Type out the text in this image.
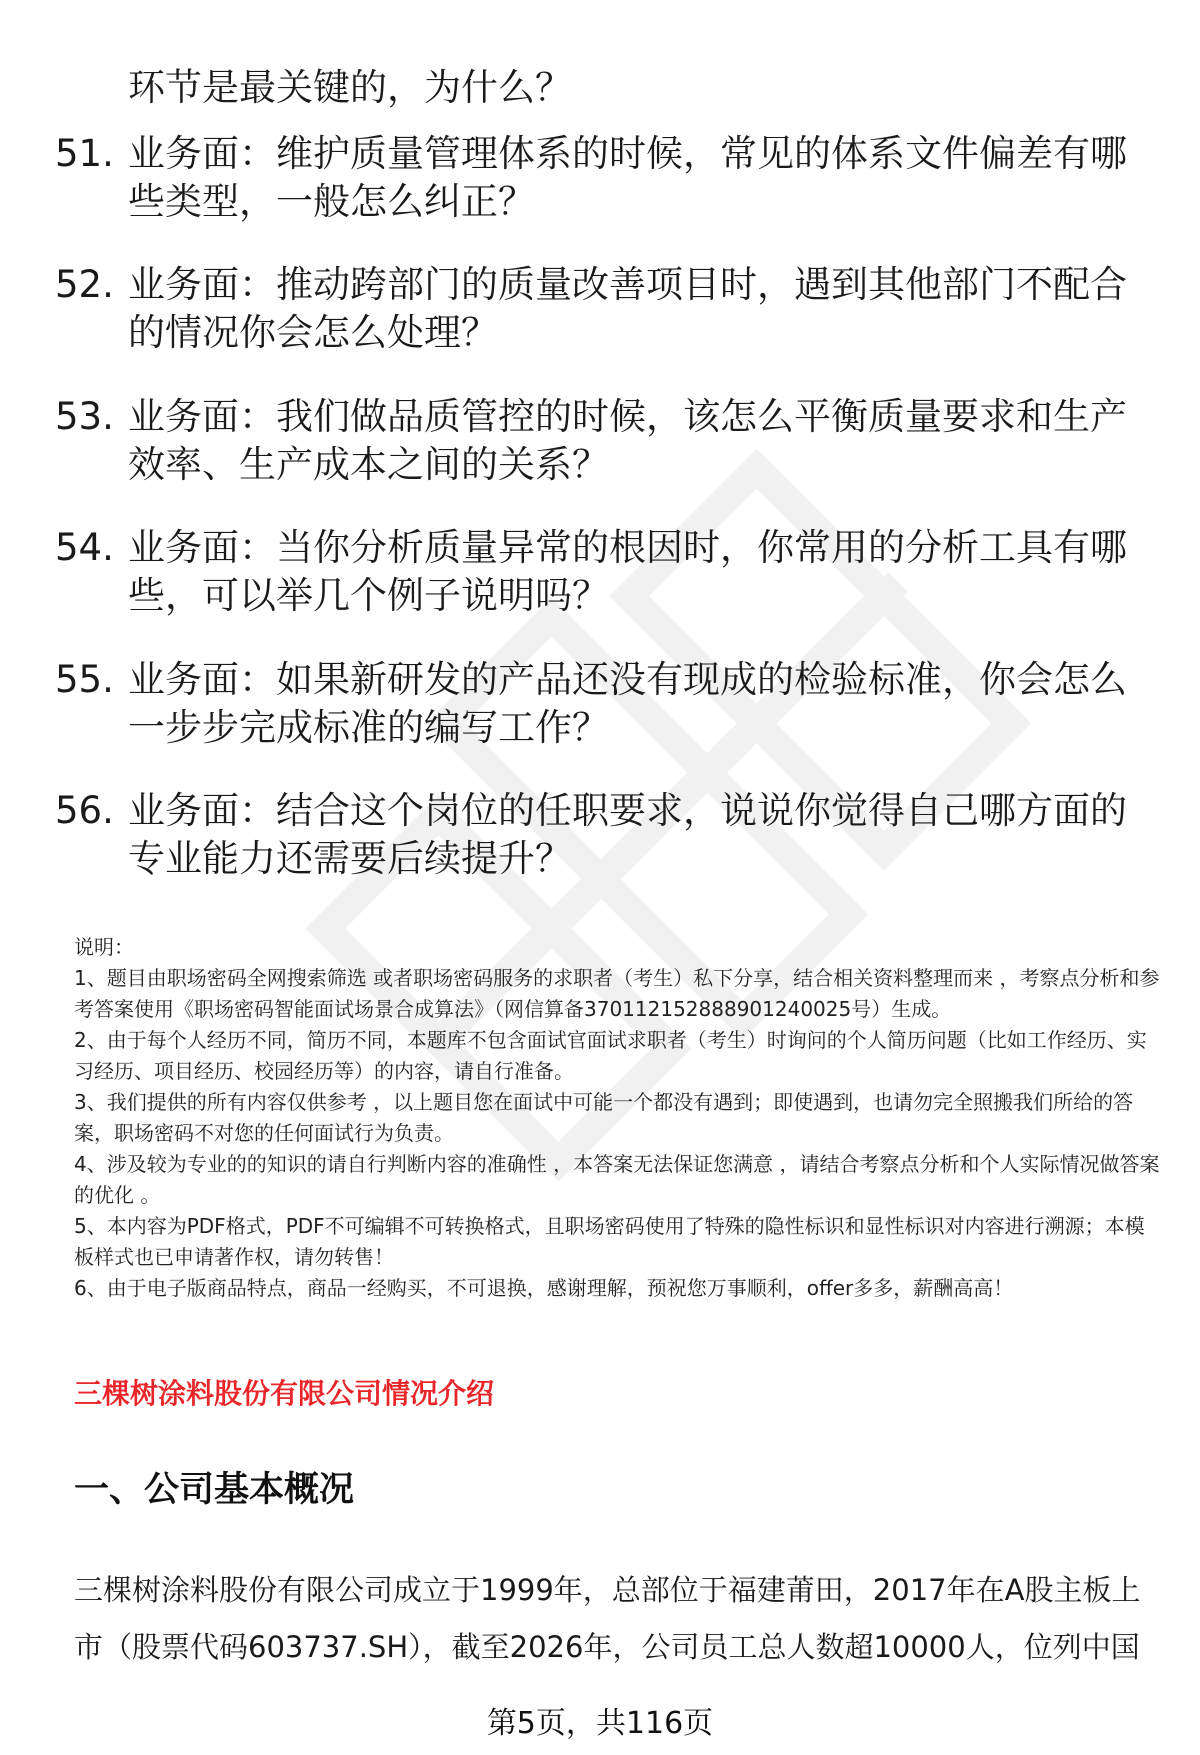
环节是最关键的，为什么？
51. 业务面：维护质量管理体系的时候，常见的体系文件偏差有哪些类型，一般怎么纠正？
52. 业务面：推动跨部门的质量改善项目时，遇到其他部门不配合的情况你会怎么处理？
53. 业务面：我们做品质管控的时候，该怎么平衡质量要求和生产效率、生产成本之间的关系？
54. 业务面：当你分析质量异常的根因时，你常用的分析工具有哪些，可以举几个例子说明吗？
55. 业务面：如果新研发的产品还没有现成的检验标准，你会怎么一步步完成标准的编写工作？
56. 业务面：结合这个岗位的任职要求，说说你觉得自己哪方面的专业能力还需要后续提升？

说明：

1、题目由职场密码全网搜索筛选 或者职场密码服务的求职者（考生）私下分享，结合相关资料整理而来 ，考察点分析和参考答案使用《职场密码智能面试场景合成算法》（网信算备370112152888901240025号）生成。

2、由于每个人经历不同，简历不同，本题库不包含面试官面试求职者（考生）时询问的个人简历问题（比如工作经历、实习经历、项目经历、校园经历等）的内容，请自行准备。

3、我们提供的所有内容仅供参考 ，以上题目您在面试中可能一个都没有遇到；即使遇到，也请勿完全照搬我们所给的答案，职场密码不对您的任何面试行为负责。

4、涉及较为专业的的知识的请自行判断内容的准确性 ，本答案无法保证您满意 ，请结合考察点分析和个人实际情况做答案的优化 。

5、本内容为PDF格式，PDF不可编辑不可转换格式，且职场密码使用了特殊的隐性标识和显性标识对内容进行溯源；本模板样式也已申请著作权，请勿转售！

6、由于电子版商品特点，商品一经购买，不可退换，感谢理解，预祝您万事顺利，offer多多，薪酬高高！

三棵树涂料股份有限公司情况介绍
一、公司基本概况
三棵树涂料股份有限公司成立于1999年，总部位于福建莆田，2017年在A股主板上市（股票代码603737.SH），截至2026年，公司员工总人数超10000人，位列中国
第5页，共116页
